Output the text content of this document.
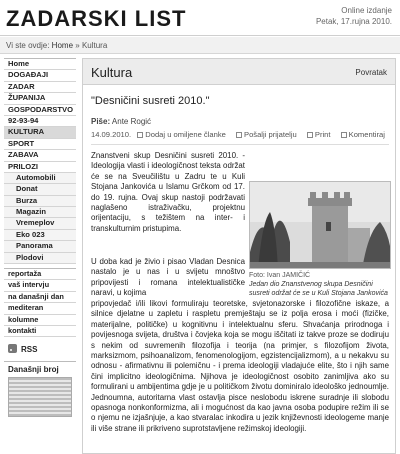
ZADARSKI LIST	Online izdanje
Petak, 17.rujna 2010.
Vi ste ovdje: Home » Kultura
Home
DOGAĐAJI
ZADAR
ŽUPANIJA
GOSPODARSTVO
92-93-94
KULTURA
SPORT
ZABAVA
PRILOZI
Automobili
Donat
Burza
Magazin
Vremeplov
Eko 023
Panorama
Plodovi
reportaža
vaš intervju
na današnji dan
mediteran
kolumne
kontakti
RSS
Današnji broj
Kultura	Povratak
"Desničini susreti 2010."
Piše: Ante Rogić
14.09.2010. Dodaj u omiljene članke Pošalji prijatelju Print Komentiraj
Znanstveni skup Desničini susreti 2010. - Ideologija vlasti i ideologičnost teksta održat će se na Sveučilištu u Zadru te u Kuli Stojana Jankovića u Islamu Grčkom od 17. do 19. rujna. Ovaj skup nastoji podržavati naglašeno istraživačku, projektnu orijentaciju, s težištem na inter- i transkulturnim pristupima.
Foto: Ivan JAMIČIĆ
Jedan dio Znanstvenog skupa Desničini susreti održat će se u Kuli Stojana Jankovića
U doba kad je živio i pisao Vladan Desnica nastalo je u nas i u svijetu mnoštvo pripovijesti i romana intelektualističke naravi, u kojima
pripovjedač i/ili likovi formuliraju teoretske, svjetonazorske i filozofične iskaze, a silnice djelatne u zapletu i raspletu premještaju se iz polja erosa i moći (fizičke, materijalne, političke) u kognitivnu i intelektualnu sferu. Shvaćanja prirodnoga i povijesnoga svijeta, društva i čovjeka koja se mogu iščitati iz takve proze se dodiruju s nekim od suvremenih filozofija i teorija (na primjer, s filozofijom života, marksizmom, psihoanalizom, fenomenologijom, egzistencijalizmom), a u nekakvu su odnosu - afirmativnu ili polemičnu - i prema ideologiji vladajuće elite, što i njih same čini implicitno ideologičnima. Njihova je ideologičnost osobito zanimljiva ako su formulirani u ambijentima gdje je u političkom životu dominiralo ideološko jednoumlje. Jednoumna, autoritarna vlast ostavlja pisce neslobodu iskrene suradnje ili slobodu opasnoga nonkonformizma, ali i mogućnost da kao javna osoba podupire režim ili se o njemu ne izjašnjuje, a kao stvaralac inkodira u jezik književnosti ideologeme manje ili više strane ili prikriveno suprotstavljene režimskoj ideologiji.
